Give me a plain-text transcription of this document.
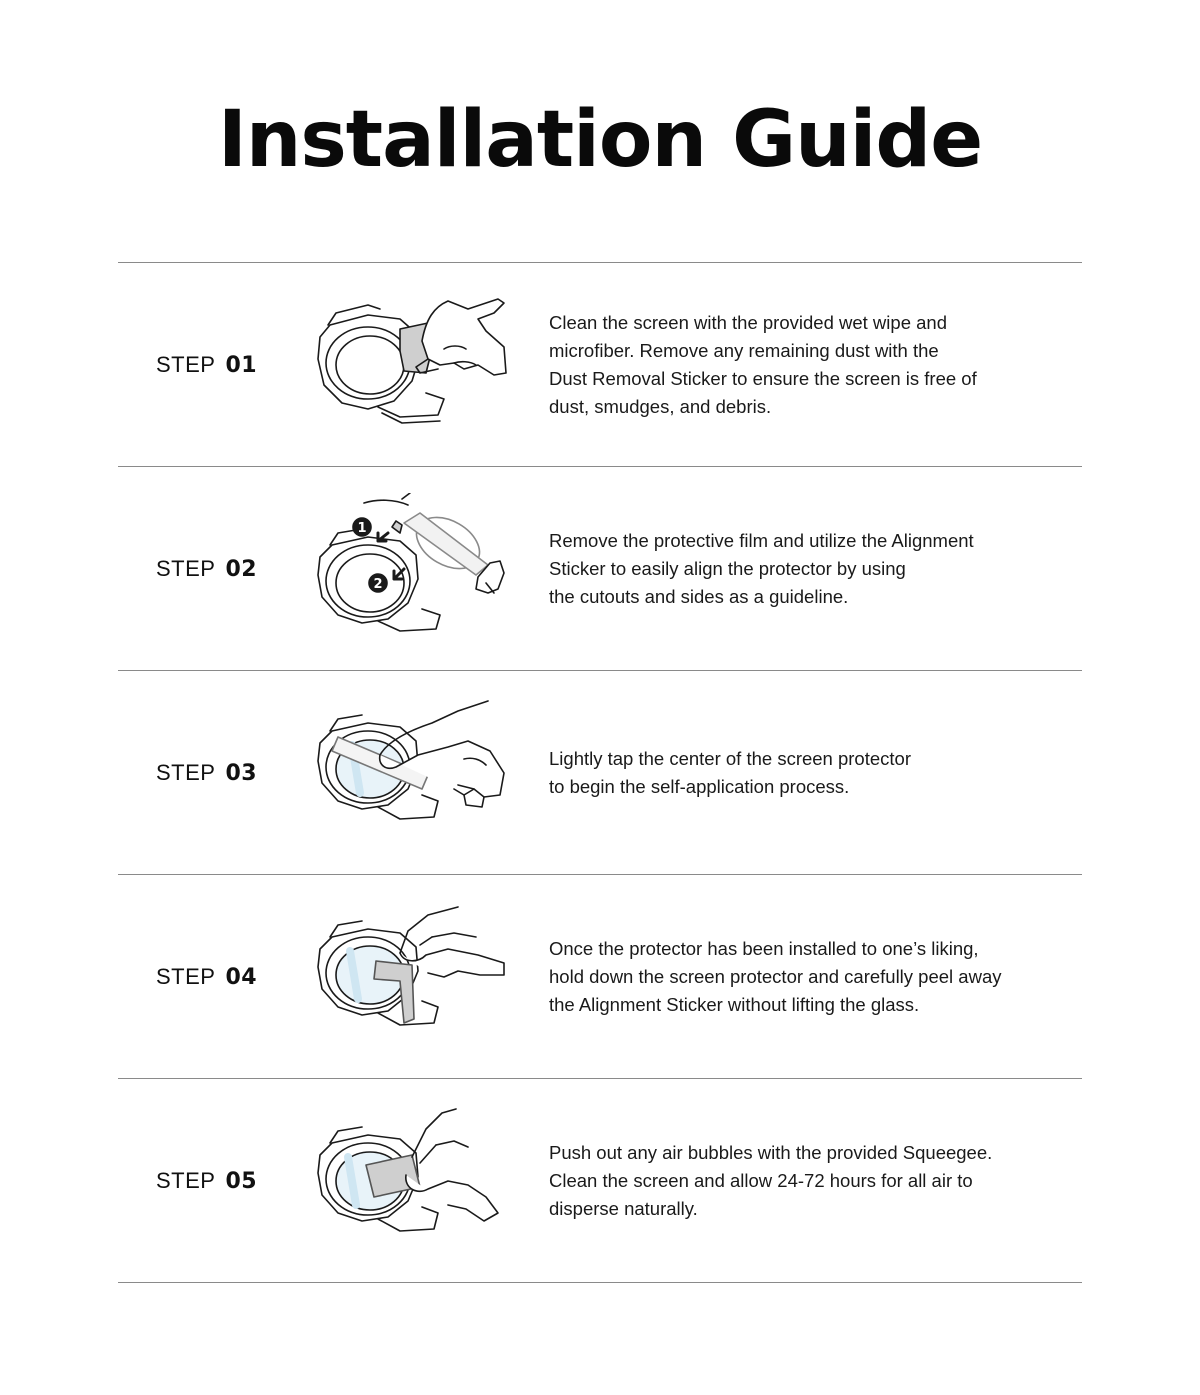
Installation Guide
STEP 01
Clean the screen with the provided wet wipe and
microfiber. Remove any remaining dust with the
Dust Removal Sticker to ensure the screen is free of
dust, smudges, and debris.
STEP 02
1
2
Remove the protective film and utilize the Alignment
Sticker to easily align the protector by using
the cutouts and sides as a guideline.
STEP 03
Lightly tap the center of the screen protector
to begin the self-application process.
STEP 04
Once the protector has been installed to one’s liking,
hold down the screen protector and carefully peel away
the Alignment Sticker without lifting the glass.
STEP 05
Push out any air bubbles with the provided Squeegee.
Clean the screen and allow 24-72 hours for all air to
disperse naturally.
